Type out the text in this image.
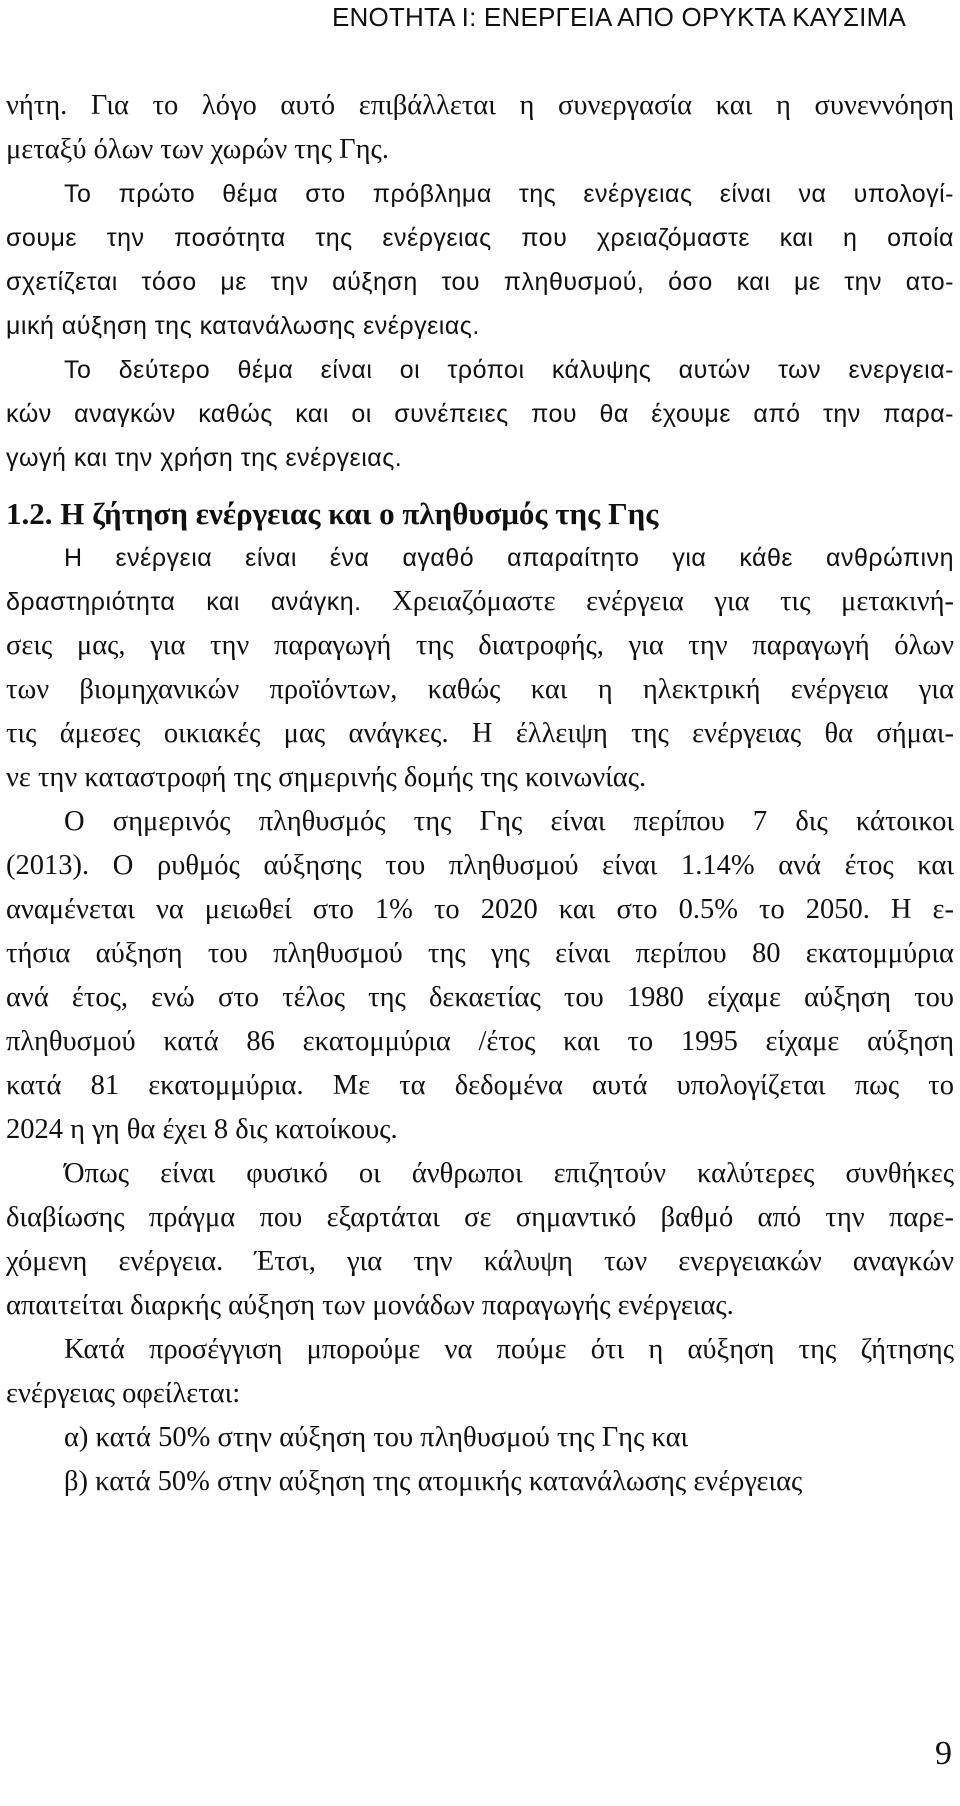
ΕΝΟΤΗΤΑ Ι: ΕΝΕΡΓΕΙΑ ΑΠΟ ΟΡΥΚΤΑ ΚΑΥΣΙΜΑ
νήτη. Για το λόγο αυτό επιβάλλεται η συνεργασία και η συνεννόηση
μεταξύ όλων των χωρών της Γης.
Το πρώτο θέμα στο πρόβλημα της ενέργειας είναι να υπολογί-
σουμε την ποσότητα της ενέργειας που χρειαζόμαστε και η οποία
σχετίζεται τόσο με την αύξηση του πληθυσμού, όσο και με την ατο-
μική αύξηση της κατανάλωσης ενέργειας.
Το δεύτερο θέμα είναι οι τρόποι κάλυψης αυτών των ενεργεια-
κών αναγκών καθώς και οι συνέπειες που θα έχουμε από την παρα-
γωγή και την χρήση της ενέργειας.
1.2. Η ζήτηση ενέργειας και ο πληθυσμός της Γης
Η ενέργεια είναι ένα αγαθό απαραίτητο για κάθε ανθρώπινη
δραστηριότητα και ανάγκη. Χρειαζόμαστε ενέργεια για τις μετακινή-
σεις μας, για την παραγωγή της διατροφής, για την παραγωγή όλων
των βιομηχανικών προϊόντων, καθώς και η ηλεκτρική ενέργεια για
τις άμεσες οικιακές μας ανάγκες. Η έλλειψη της ενέργειας θα σήμαι-
νε την καταστροφή της σημερινής δομής της κοινωνίας.
Ο σημερινός πληθυσμός της Γης είναι περίπου 7 δις κάτοικοι
(2013). Ο ρυθμός αύξησης του πληθυσμού είναι 1.14% ανά έτος και
αναμένεται να μειωθεί στο 1% το 2020 και στο 0.5% το 2050. Η ε-
τήσια αύξηση του πληθυσμού της γης είναι περίπου 80 εκατομμύρια
ανά έτος, ενώ στο τέλος της δεκαετίας του 1980 είχαμε αύξηση του
πληθυσμού κατά 86 εκατομμύρια /έτος και το 1995 είχαμε αύξηση
κατά 81 εκατομμύρια. Με τα δεδομένα αυτά υπολογίζεται πως το
2024 η γη θα έχει 8 δις κατοίκους.
Όπως είναι φυσικό οι άνθρωποι επιζητούν καλύτερες συνθήκες
διαβίωσης πράγμα που εξαρτάται σε σημαντικό βαθμό από την παρε-
χόμενη ενέργεια. Έτσι, για την κάλυψη των ενεργειακών αναγκών
απαιτείται διαρκής αύξηση των μονάδων παραγωγής ενέργειας.
Κατά προσέγγιση μπορούμε να πούμε ότι η αύξηση της ζήτησης
ενέργειας οφείλεται:
α) κατά 50% στην αύξηση του πληθυσμού της Γης και
β) κατά 50% στην αύξηση της ατομικής κατανάλωσης ενέργειας
9
